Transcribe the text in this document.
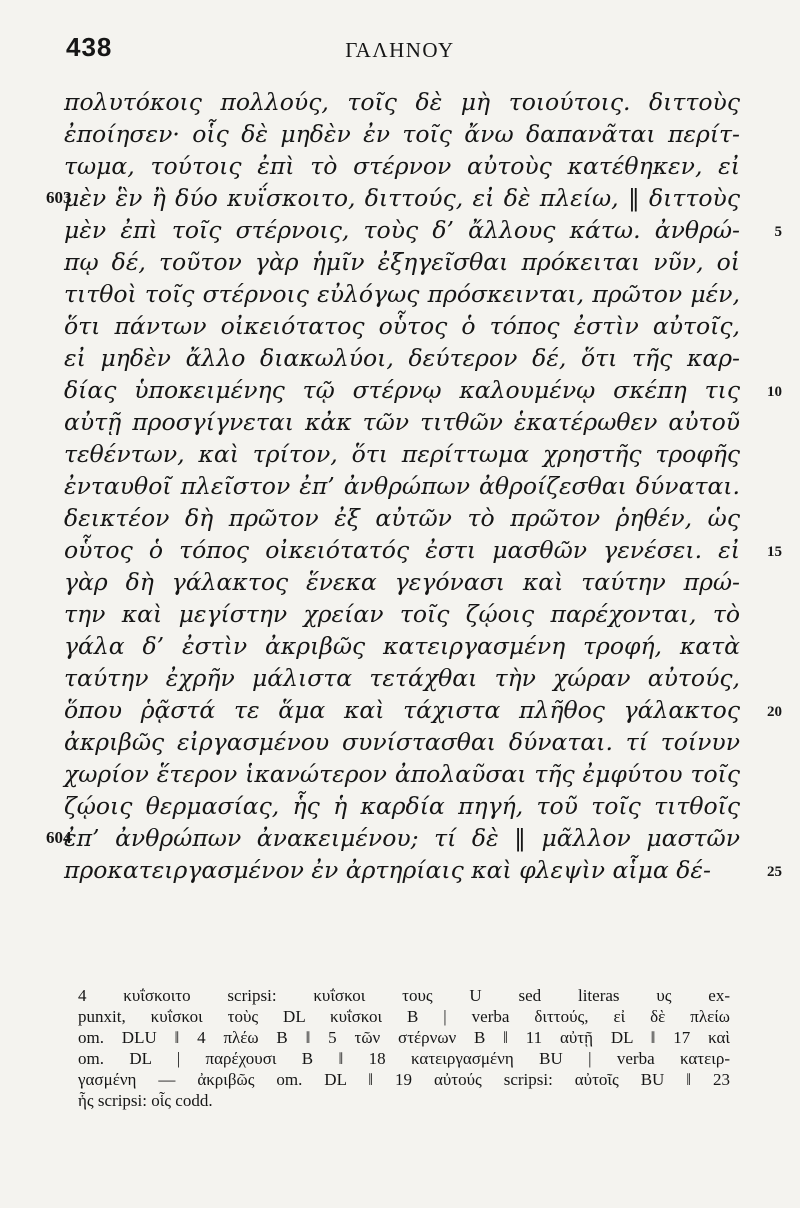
438	ΓΑΛΗΝΟΥ
πολυτόκοις πολλούς, τοῖς δὲ μὴ τοιούτοις. διττοὺς
ἐποίησεν· οἷς δὲ μηδὲν ἐν τοῖς ἄνω δαπανᾶται περίτ-
τωμα, τούτοις ἐπὶ τὸ στέρνον αὐτοὺς κατέθηκεν, εἰ
603
μὲν ἓν ἢ δύο κυΐσκοιτο, διττούς, εἰ δὲ πλείω, ‖ διττοὺς
μὲν ἐπὶ τοῖς στέρνοις, τοὺς δ’ ἄλλους κάτω. ἀνθρώ- 5
πῳ δέ, τοῦτον γὰρ ἡμῖν ἐξηγεῖσθαι πρόκειται νῦν, οἱ
τιτθοὶ τοῖς στέρνοις εὐλόγως πρόσκεινται, πρῶτον μέν,
ὅτι πάντων οἰκειότατος οὗτος ὁ τόπος ἐστὶν αὐτοῖς,
εἰ μηδὲν ἄλλο διακωλύοι, δεύτερον δέ, ὅτι τῆς καρ-
δίας ὑποκειμένης τῷ στέρνῳ καλουμένῳ σκέπη τις 10
αὐτῇ προσγίγνεται κἀκ τῶν τιτθῶν ἑκατέρωθεν αὐτοῦ
τεθέντων, καὶ τρίτον, ὅτι περίττωμα χρηστῆς τροφῆς
ἐνταυθοῖ πλεῖστον ἐπ’ ἀνθρώπων ἀθροίζεσθαι δύναται.
δεικτέον δὴ πρῶτον ἐξ αὐτῶν τὸ πρῶτον ῥηθέν, ὡς
οὗτος ὁ τόπος οἰκειότατός ἐστι μασθῶν γενέσει. εἰ 15
γὰρ δὴ γάλακτος ἕνεκα γεγόνασι καὶ ταύτην πρώ-
την καὶ μεγίστην χρείαν τοῖς ζῴοις παρέχονται, τὸ
γάλα δ’ ἐστὶν ἀκριβῶς κατειργασμένη τροφή, κατὰ
ταύτην ἐχρῆν μάλιστα τετάχθαι τὴν χώραν αὐτούς,
ὅπου ῥᾷστά τε ἅμα καὶ τάχιστα πλῆθος γάλακτος 20
ἀκριβῶς εἰργασμένου συνίστασθαι δύναται. τί τοίνυν
χωρίον ἕτερον ἱκανώτερον ἀπολαῦσαι τῆς ἐμφύτου τοῖς
ζῴοις θερμασίας, ἧς ἡ καρδία πηγή, τοῦ τοῖς τιτθοῖς
604
ἐπ’ ἀνθρώπων ἀνακειμένου; τί δὲ ‖ μᾶλλον μαστῶν
προκατειργασμένον ἐν ἀρτηρίαις καὶ φλεψὶν αἷμα δέ-	25
4 κυΐσκοιτο scripsi: κυΐσκοι τους U sed literas υς ex-
punxit, κυΐσκοι τοὺς DL κυΐσκοι B | verba διττούς, εἰ δὲ πλείω
om. DLU ‖ 4 πλέω B ‖ 5 τῶν στέρνων B ‖ 11 αὐτῇ DL ‖ 17 καὶ
om. DL | παρέχουσι B ‖ 18 κατειργασμένη BU | verba κατειρ-
γασμένη — ἀκριβῶς om. DL ‖ 19 αὐτούς scripsi: αὐτοῖς BU ‖ 23
ἧς scripsi: οἷς codd.
